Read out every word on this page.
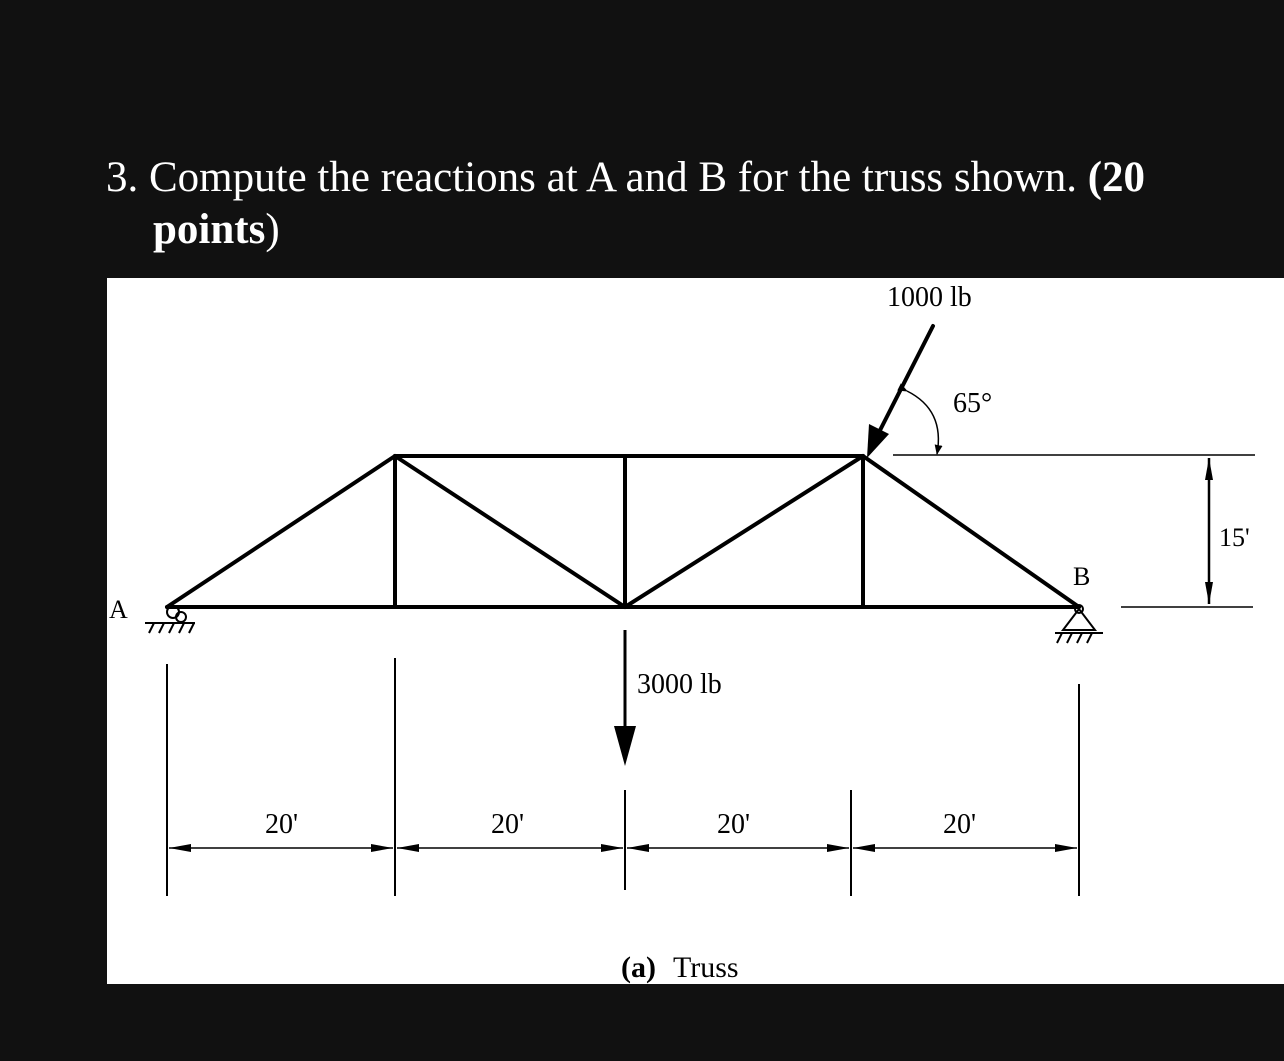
3. Compute the reactions at A and B for the truss shown. (20
points)
A
B
1000 lb
65°
3000 lb
15'
20'	20'	20'	20'
(a) Truss
